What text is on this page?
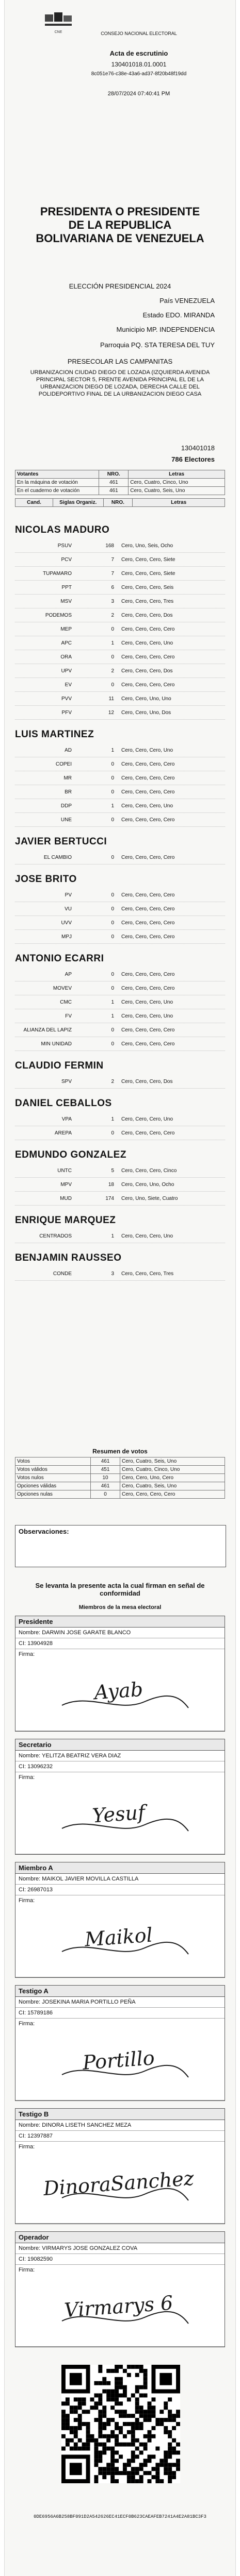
CNE	CONSEJO NACIONAL ELECTORAL
Acta de escrutinio
130401018.01.0001
8c051e76-c38e-43a6-ad37-8f20b48f19dd
28/07/2024 07:40:41 PM
PRESIDENTA O PRESIDENTE DE LA REPUBLICA BOLIVARIANA DE VENEZUELA
ELECCIÓN PRESIDENCIAL 2024
País VENEZUELA
Estado EDO. MIRANDA
Municipio MP. INDEPENDENCIA
Parroquia PQ. STA TERESA DEL TUY
PRESECOLAR LAS CAMPANITAS
URBANIZACION CIUDAD DIEGO DE LOZADA (IZQUIERDA AVENIDA PRINCIPAL SECTOR 5, FRENTE AVENIDA PRINCIPAL EL DE LA URBANIZACION DIEGO DE LOZADA, DERECHA CALLE DEL POLIDEPORTIVO FINAL DE LA URBANIZACION DIEGO CASA
130401018
786 Electores
Votantes	NRO.	Letras
En la máquina de votación	461	Cero, Cuatro, Cinco, Uno
En el cuaderno de votación	461	Cero, Cuatro, Seis, Uno
Cand.	Siglas Organiz.	NRO.	Letras
NICOLAS MADURO
PSUV	168	Cero, Uno, Seis, Ocho
PCV	7	Cero, Cero, Cero, Siete
TUPAMARO	7	Cero, Cero, Cero, Siete
PPT	6	Cero, Cero, Cero, Seis
MSV	3	Cero, Cero, Cero, Tres
PODEMOS	2	Cero, Cero, Cero, Dos
MEP	0	Cero, Cero, Cero, Cero
APC	1	Cero, Cero, Cero, Uno
ORA	0	Cero, Cero, Cero, Cero
UPV	2	Cero, Cero, Cero, Dos
EV	0	Cero, Cero, Cero, Cero
PVV	11	Cero, Cero, Uno, Uno
PFV	12	Cero, Cero, Uno, Dos
LUIS MARTINEZ
AD	1	Cero, Cero, Cero, Uno
COPEI	0	Cero, Cero, Cero, Cero
MR	0	Cero, Cero, Cero, Cero
BR	0	Cero, Cero, Cero, Cero
DDP	1	Cero, Cero, Cero, Uno
UNE	0	Cero, Cero, Cero, Cero
JAVIER BERTUCCI
EL CAMBIO	0	Cero, Cero, Cero, Cero
JOSE BRITO
PV	0	Cero, Cero, Cero, Cero
VU	0	Cero, Cero, Cero, Cero
UVV	0	Cero, Cero, Cero, Cero
MPJ	0	Cero, Cero, Cero, Cero
ANTONIO ECARRI
AP	0	Cero, Cero, Cero, Cero
MOVEV	0	Cero, Cero, Cero, Cero
CMC	1	Cero, Cero, Cero, Uno
FV	1	Cero, Cero, Cero, Uno
ALIANZA DEL LAPIZ	0	Cero, Cero, Cero, Cero
MIN UNIDAD	0	Cero, Cero, Cero, Cero
CLAUDIO FERMIN
SPV	2	Cero, Cero, Cero, Dos
DANIEL CEBALLOS
VPA	1	Cero, Cero, Cero, Uno
AREPA	0	Cero, Cero, Cero, Cero
EDMUNDO GONZALEZ
UNTC	5	Cero, Cero, Cero, Cinco
MPV	18	Cero, Cero, Uno, Ocho
MUD	174	Cero, Uno, Siete, Cuatro
ENRIQUE MARQUEZ
CENTRADOS	1	Cero, Cero, Cero, Uno
BENJAMIN RAUSSEO
CONDE	3	Cero, Cero, Cero, Tres
Resumen de votos
Votos	461	Cero, Cuatro, Seis, Uno
Votos válidos	451	Cero, Cuatro, Cinco, Uno
Votos nulos	10	Cero, Cero, Uno, Cero
Opciones válidas	461	Cero, Cuatro, Seis, Uno
Opciones nulas	0	Cero, Cero, Cero, Cero
Observaciones:
Se levanta la presente acta la cual firman en señal de conformidad
Miembros de la mesa electoral
Presidente
Nombre: DARWIN JOSE GARATE BLANCO
CI: 13904928
Firma:
Ayab
Secretario
Nombre: YELITZA BEATRIZ VERA DIAZ
CI: 13096232
Firma:
Yesuf
Miembro A
Nombre: MAIKOL JAVIER MOVILLA CASTILLA
CI: 26987013
Firma:
Maikol
Testigo A
Nombre: JOSEKINA MARIA PORTILLO PEÑA
CI: 15789186
Firma:
Portillo
Testigo B
Nombre: DINORA LISETH SANCHEZ MEZA
CI: 12397887
Firma:
DinoraSanchez
Operador
Nombre: VIRMARYS JOSE GONZALEZ COVA
CI: 19082590
Firma:
Virmarys 6
0DE6956A6B258BF091D2A542626EC41ECF0B623CAEAFEB7241A4E2A81BC3F3
